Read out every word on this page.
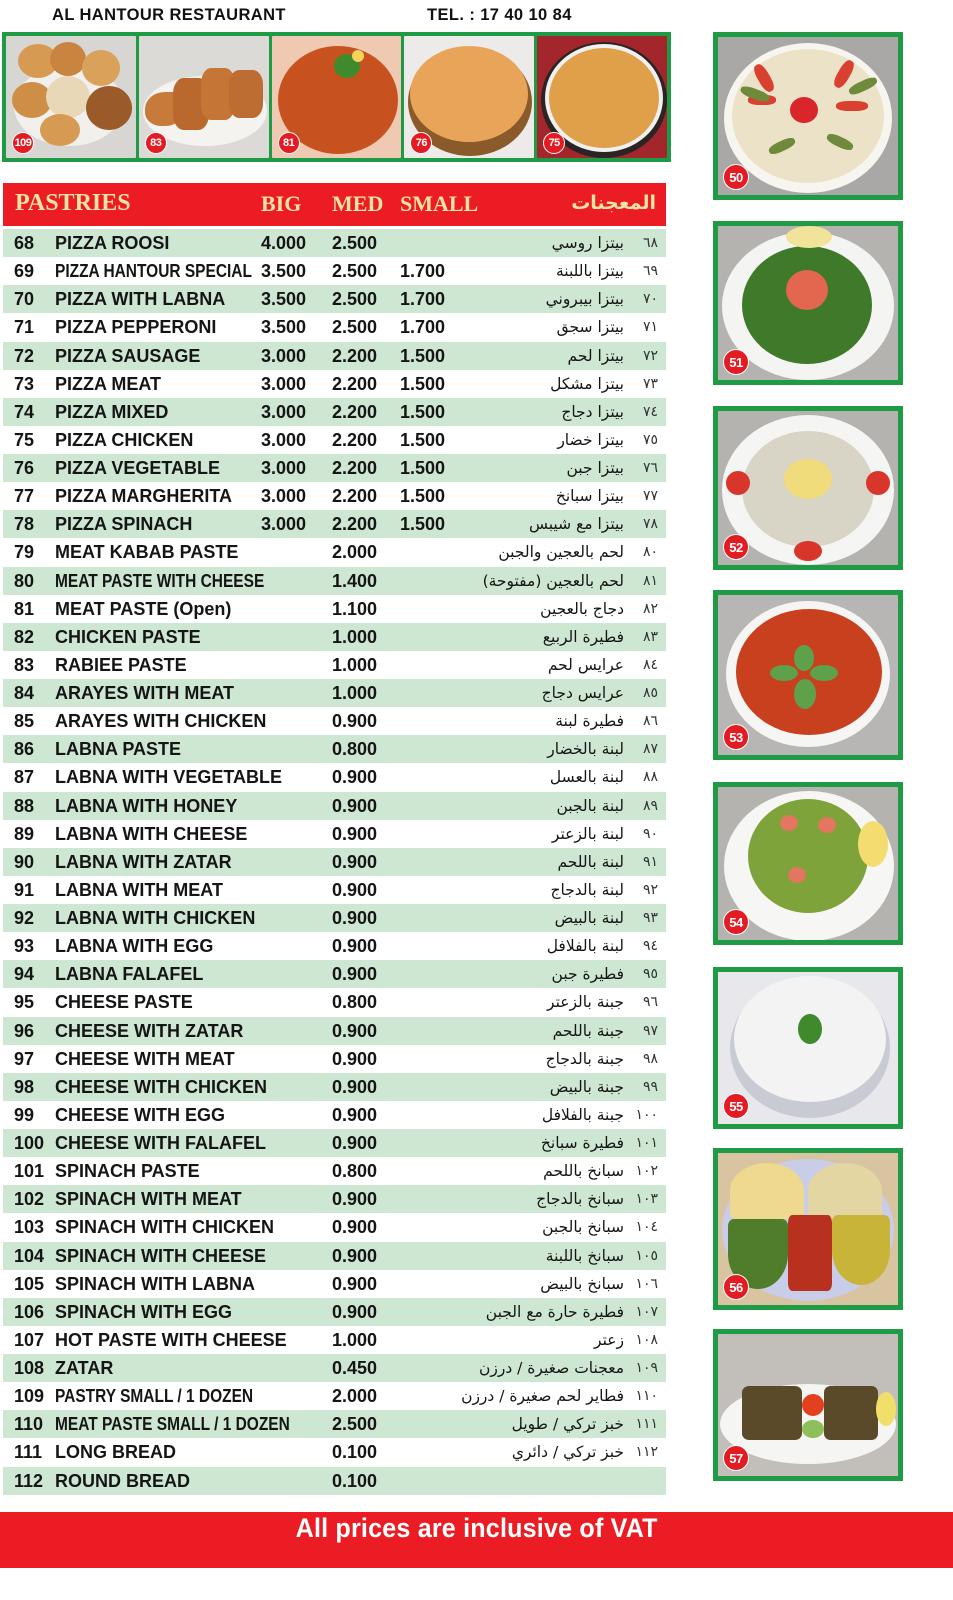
AL HANTOUR RESTAURANT	TEL. : 17 40 10 84
109	83	81	76	75
PASTRIES	BIG MED SMALL	المعجنات
68 PIZZA ROOSI	4.000 2.500	بيتزا روسي ٦٨
69 PIZZA HANTOUR SPECIAL 3.500 2.500 1.700	بيتزا باللبنة ٦٩
70 PIZZA WITH LABNA 3.500 2.500 1.700	بيتزا بيبروني ٧٠
71 PIZZA PEPPERONI 3.500 2.500 1.700	بيتزا سجق ٧١
72 PIZZA SAUSAGE	3.000 2.200 1.500	بيتزا لحم ٧٢
73 PIZZA MEAT	3.000 2.200 1.500	بيتزا مشكل ٧٣
74 PIZZA MIXED	3.000 2.200 1.500	بيتزا دجاج ٧٤
75 PIZZA CHICKEN	3.000 2.200 1.500	بيتزا خضار ٧٥
76 PIZZA VEGETABLE 3.000 2.200 1.500	بيتزا جبن ٧٦
77 PIZZA MARGHERITA 3.000 2.200 1.500	بيتزا سبانخ ٧٧
78 PIZZA SPINACH	3.000 2.200 1.500	بيتزا مع شيبس ٧٨
79 MEAT KABAB PASTE	2.000	لحم بالعجين والجبن ٨٠
80 MEAT PASTE WITH CHEESE	1.400	لحم بالعجين (مفتوحة) ٨١
81 MEAT PASTE (Open)	1.100	دجاج بالعجين ٨٢
82 CHICKEN PASTE	1.000	فطيرة الربيع ٨٣
83 RABIEE PASTE	1.000	عرايس لحم ٨٤
84 ARAYES WITH MEAT	1.000	عرايس دجاج ٨٥
85 ARAYES WITH CHICKEN	0.900	فطيرة لبنة ٨٦
86 LABNA PASTE	0.800	لبنة بالخضار ٨٧
87 LABNA WITH VEGETABLE	0.900	لبنة بالعسل ٨٨
88 LABNA WITH HONEY	0.900	لبنة بالجبن ٨٩
89 LABNA WITH CHEESE	0.900	لبنة بالزعتر ٩٠
90 LABNA WITH ZATAR	0.900	لبنة باللحم ٩١
91 LABNA WITH MEAT	0.900	لبنة بالدجاج ٩٢
92 LABNA WITH CHICKEN	0.900	لبنة بالبيض ٩٣
93 LABNA WITH EGG	0.900	لبنة بالفلافل ٩٤
94 LABNA FALAFEL	0.900	فطيرة جبن ٩٥
95 CHEESE PASTE	0.800	جبنة بالزعتر ٩٦
96 CHEESE WITH ZATAR	0.900	جبنة باللحم ٩٧
97 CHEESE WITH MEAT	0.900	جبنة بالدجاج ٩٨
98 CHEESE WITH CHICKEN	0.900	جبنة بالبيض ٩٩
99 CHEESE WITH EGG	0.900	جبنة بالفلافل ١٠٠
100 CHEESE WITH FALAFEL	0.900	فطيرة سبانخ ١٠١
101 SPINACH PASTE	0.800	سبانخ باللحم ١٠٢
102 SPINACH WITH MEAT	0.900	سبانخ بالدجاج ١٠٣
103 SPINACH WITH CHICKEN	0.900	سبانخ بالجبن ١٠٤
104 SPINACH WITH CHEESE	0.900	سبانخ باللبنة ١٠٥
105 SPINACH WITH LABNA	0.900	سبانخ بالبيض ١٠٦
106 SPINACH WITH EGG	0.900	فطيرة حارة مع الجبن ١٠٧
107 HOT PASTE WITH CHEESE	1.000	زعتر ١٠٨
108 ZATAR	0.450	معجنات صغيرة / درزن ١٠٩
109 PASTRY SMALL / 1 DOZEN	2.000	فطاير لحم صغيرة / درزن ١١٠
110 MEAT PASTE SMALL / 1 DOZEN 2.500	خبز تركي / طويل ١١١
111 LONG BREAD	0.100	خبز تركي / دائري ١١٢
112 ROUND BREAD	0.100
50
51
52
53
54
55
56
57
All prices are inclusive of VAT
